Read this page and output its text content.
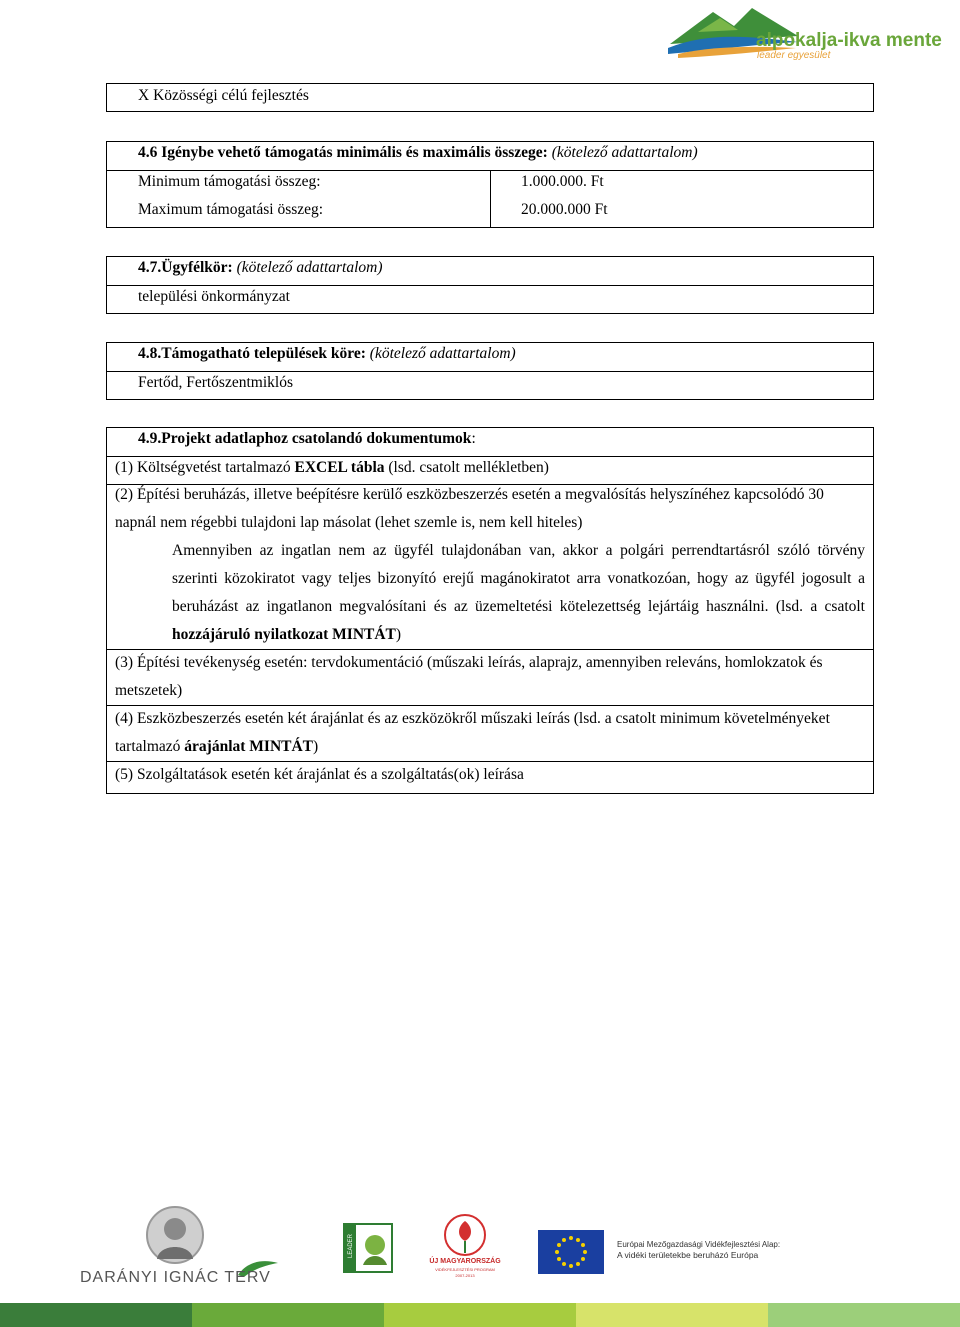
alpokalja-ikva mente
leader egyesület
X Közösségi célú fejlesztés
4.6 Igénybe vehető támogatás minimális és maximális összege: (kötelező adattartalom)
Minimum támogatási összeg:	1.000.000. Ft
Maximum támogatási összeg:	20.000.000 Ft
4.7.Ügyfélkör: (kötelező adattartalom)
települési önkormányzat
4.8.Támogatható települések köre: (kötelező adattartalom)
Fertőd, Fertőszentmiklós
4.9.Projekt adatlaphoz csatolandó dokumentumok:
(1) Költségvetést tartalmazó EXCEL tábla (lsd. csatolt mellékletben)
(2) Építési beruházás, illetve beépítésre kerülő eszközbeszerzés esetén a megvalósítás helyszínéhez kapcsolódó 30 napnál nem régebbi tulajdoni lap másolat (lehet szemle is, nem kell hiteles)
Amennyiben az ingatlan nem az ügyfél tulajdonában van, akkor a polgári perrendtartásról szóló törvény szerinti közokiratot vagy teljes bizonyító erejű magánokiratot arra vonatkozóan, hogy az ügyfél jogosult a beruházást az ingatlanon megvalósítani és az üzemeltetési kötelezettség lejártáig használni. (lsd. a csatolt hozzájáruló nyilatkozat MINTÁT)
(3) Építési tevékenység esetén: tervdokumentáció (műszaki leírás, alaprajz, amennyiben releváns, homlokzatok és metszetek)
(4) Eszközbeszerzés esetén két árajánlat és az eszközökről műszaki leírás (lsd. a csatolt minimum követelményeket tartalmazó árajánlat MINTÁT)
(5) Szolgáltatások esetén két árajánlat és a szolgáltatás(ok) leírása
DARÁNYI IGNÁC TERV
LEADER
ÚJ MAGYARORSZÁG
VIDÉKFEJLESZTÉSI PROGRAM
2007-2013
Európai Mezőgazdasági Vidékfejlesztési Alap:
A vidéki területekbe beruházó Európa
